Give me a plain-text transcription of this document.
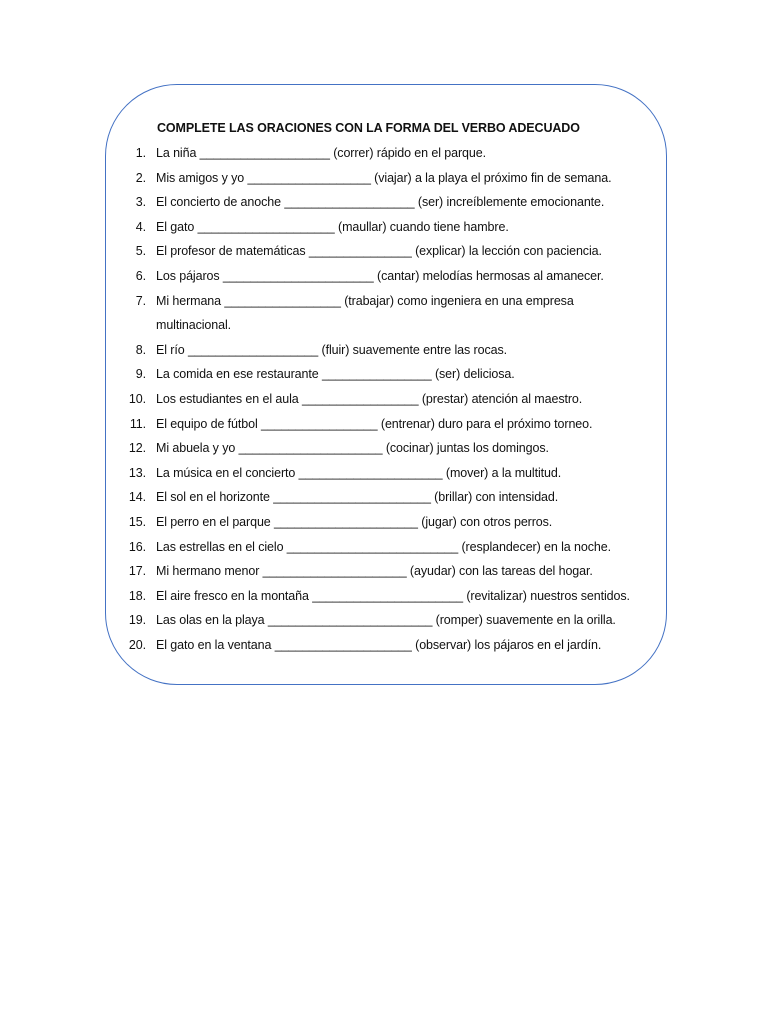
COMPLETE LAS ORACIONES CON LA FORMA DEL VERBO ADECUADO
1. La niña ___________________ (correr) rápido en el parque.
2. Mis amigos y yo __________________ (viajar) a la playa el próximo fin de semana.
3. El concierto de anoche ___________________ (ser) increíblemente emocionante.
4. El gato ____________________ (maullar) cuando tiene hambre.
5. El profesor de matemáticas _______________ (explicar) la lección con paciencia.
6. Los pájaros ______________________ (cantar) melodías hermosas al amanecer.
7. Mi hermana _________________ (trabajar) como ingeniera en una empresa
multinacional.
8. El río ___________________ (fluir) suavemente entre las rocas.
9. La comida en ese restaurante ________________ (ser) deliciosa.
10. Los estudiantes en el aula _________________ (prestar) atención al maestro.
11. El equipo de fútbol _________________ (entrenar) duro para el próximo torneo.
12. Mi abuela y yo _____________________ (cocinar) juntas los domingos.
13. La música en el concierto _____________________ (mover) a la multitud.
14. El sol en el horizonte _______________________ (brillar) con intensidad.
15. El perro en el parque _____________________ (jugar) con otros perros.
16. Las estrellas en el cielo _________________________ (resplandecer) en la noche.
17. Mi hermano menor _____________________ (ayudar) con las tareas del hogar.
18. El aire fresco en la montaña ______________________ (revitalizar) nuestros sentidos.
19. Las olas en la playa ________________________ (romper) suavemente en la orilla.
20. El gato en la ventana ____________________ (observar) los pájaros en el jardín.
